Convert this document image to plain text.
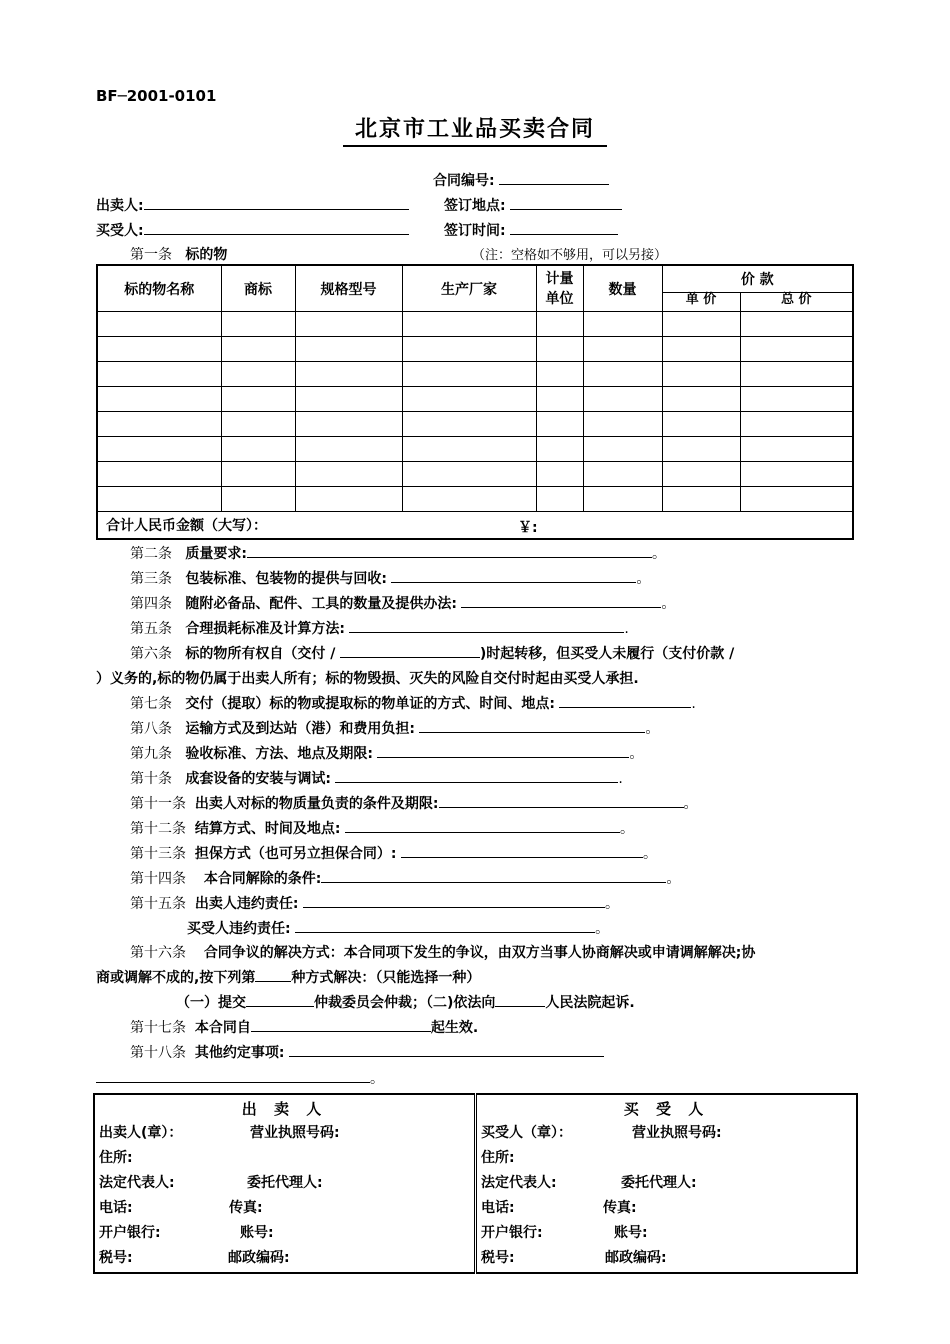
BF─2001-0101
北京市工业品买卖合同
合同编号:
出卖人:	签订地点:
买受人:	签订时间:
第一条 标的物	（注：空格如不够用，可以另接）
标的物名称	商标	规格型号	生产厂家	计量单位	数量	价 款	
						单 价	总 价

合计人民币金额（大写）： ￥:							
第二条 质量要求:	。
第三条 包装标准、包装物的提供与回收:	。
第四条 随附必备品、配件、工具的数量及提供办法:	。
第五条 合理损耗标准及计算方法:	.
第六条 标的物所有权自（交付 /	)时起转移，但买受人未履行（支付价款 /
）义务的,标的物仍属于出卖人所有；标的物毁损、灭失的风险自交付时起由买受人承担.
第七条 交付（提取）标的物或提取标的物单证的方式、时间、地点:	.
第八条 运输方式及到达站（港）和费用负担:	。
第九条 验收标准、方法、地点及期限:	。
第十条 成套设备的安装与调试:	.
第十一条 出卖人对标的物质量负责的条件及期限:	。
第十二条 结算方式、时间及地点:	。
第十三条 担保方式（也可另立担保合同）:	。
第十四条 本合同解除的条件:	。
第十五条 出卖人违约责任:	。
买受人违约责任:	。
第十六条 合同争议的解决方式：本合同项下发生的争议，由双方当事人协商解决或申请调解解决;协
商或调解不成的,按下列第	种方式解决：（只能选择一种）
（一）提交	仲裁委员会仲裁；（二)依法向	人民法院起诉.
第十七条 本合同自	起生效.
第十八条 其他约定事项:
。
出 卖 人
出卖人(章）：	营业执照号码:
住所:
法定代表人:	委托代理人:
电话:	传真:
开户银行:	账号:
税号:	邮政编码:

买 受 人
买受人（章）：	营业执照号码:
住所:
法定代表人:	委托代理人:
电话:	传真:
开户银行:	账号:
税号:	邮政编码:
